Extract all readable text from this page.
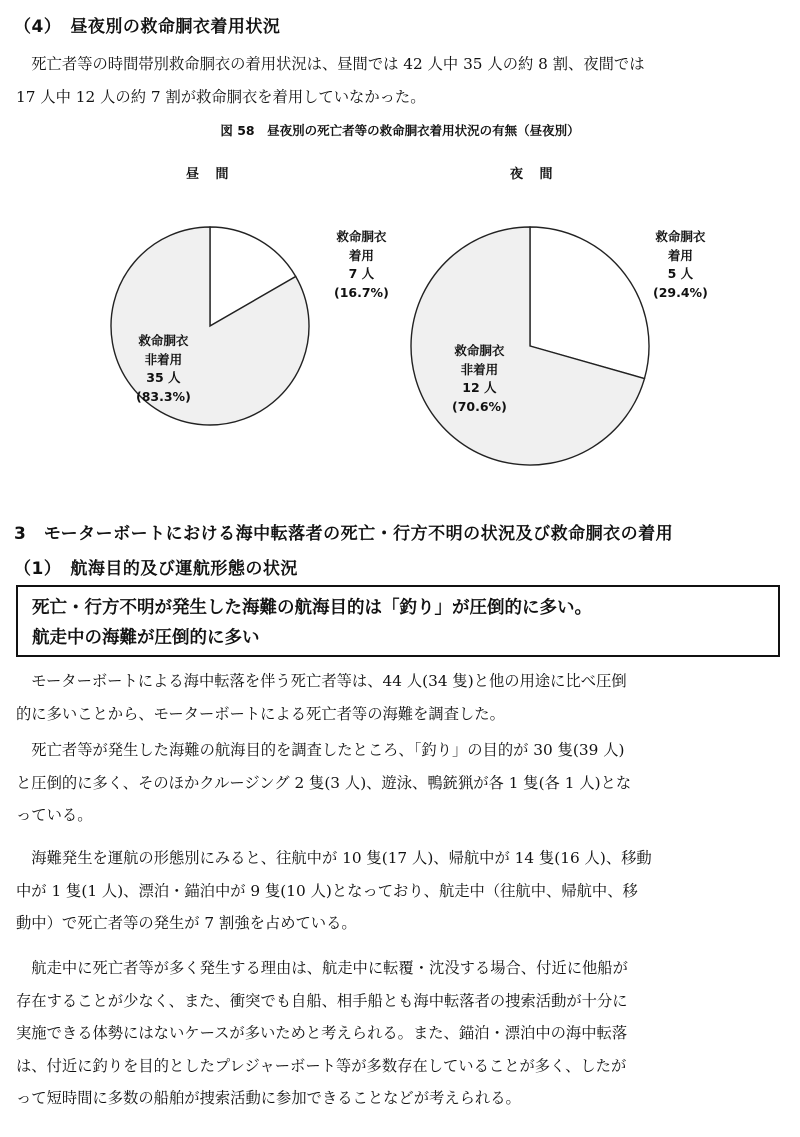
（4）　昼夜別の救命胴衣着用状況

　死亡者等の時間帯別救命胴衣の着用状況は、昼間では 42 人中 35 人の約 8 割、夜間では
17 人中 12 人の約 7 割が救命胴衣を着用していなかった。

図 58　昼夜別の死亡者等の救命胴衣着用状況の有無（昼夜別）
昼 間
救命胴衣
着用
7 人
(16.7%)
救命胴衣
非着用
35 人
(83.3%)
夜 間
救命胴衣
着用
5 人
(29.4%)
救命胴衣
非着用
12 人
(70.6%)
3　モーターボートにおける海中転落者の死亡・行方不明の状況及び救命胴衣の着用
（1）　航海目的及び運航形態の状況
死亡・行方不明が発生した海難の航海目的は「釣り」が圧倒的に多い。
航走中の海難が圧倒的に多い

　モーターボートによる海中転落を伴う死亡者等は、44 人(34 隻)と他の用途に比べ圧倒
的に多いことから、モーターボートによる死亡者等の海難を調査した。

　死亡者等が発生した海難の航海目的を調査したところ、「釣り」の目的が 30 隻(39 人)
と圧倒的に多く、そのほかクルージング 2 隻(3 人)、遊泳、鴨銃猟が各 1 隻(各 1 人)とな
っている。

　海難発生を運航の形態別にみると、往航中が 10 隻(17 人)、帰航中が 14 隻(16 人)、移動
中が 1 隻(1 人)、漂泊・錨泊中が 9 隻(10 人)となっており、航走中（往航中、帰航中、移
動中）で死亡者等の発生が 7 割強を占めている。

　航走中に死亡者等が多く発生する理由は、航走中に転覆・沈没する場合、付近に他船が
存在することが少なく、また、衝突でも自船、相手船とも海中転落者の捜索活動が十分に
実施できる体勢にはないケースが多いためと考えられる。また、錨泊・漂泊中の海中転落
は、付近に釣りを目的としたプレジャーボート等が多数存在していることが多く、したが
って短時間に多数の船舶が捜索活動に参加できることなどが考えられる。
